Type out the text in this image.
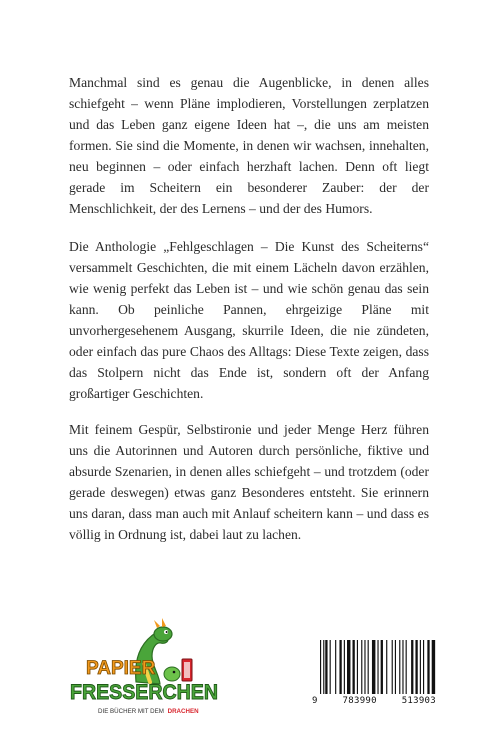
Manchmal sind es genau die Augenblicke, in denen alles schiefgeht – wenn Pläne implodieren, Vorstellungen zerplatzen und das Leben ganz eigene Ideen hat –, die uns am meisten formen. Sie sind die Momente, in denen wir wachsen, innehalten, neu beginnen – oder einfach herzhaft lachen. Denn oft liegt gerade im Scheitern ein besonderer Zauber: der der Menschlichkeit, der des Lernens – und der des Humors.

Die Anthologie „Fehlgeschlagen – Die Kunst des Scheiterns“ versammelt Geschichten, die mit einem Lächeln davon erzählen, wie wenig perfekt das Leben ist – und wie schön genau das sein kann. Ob peinliche Pannen, ehrgeizige Pläne mit unvorhergesehenem Ausgang, skurrile Ideen, die nie zündeten, oder einfach das pure Chaos des Alltags: Diese Texte zeigen, dass das Stolpern nicht das Ende ist, sondern oft der Anfang großartiger Geschichten.

Mit feinem Gespür, Selbstironie und jeder Menge Herz führen uns die Autorinnen und Autoren durch persönliche, fiktive und absurde Szenarien, in denen alles schiefgeht – und trotzdem (oder gerade deswegen) etwas ganz Besonderes entsteht. Sie erinnern uns daran, dass man auch mit Anlauf scheitern kann – und dass es völlig in Ordnung ist, dabei laut zu lachen.

PAPIER
FRESSERCHEN
DIE BÜCHER MIT DEM DRACHEN
9	783990	513903
